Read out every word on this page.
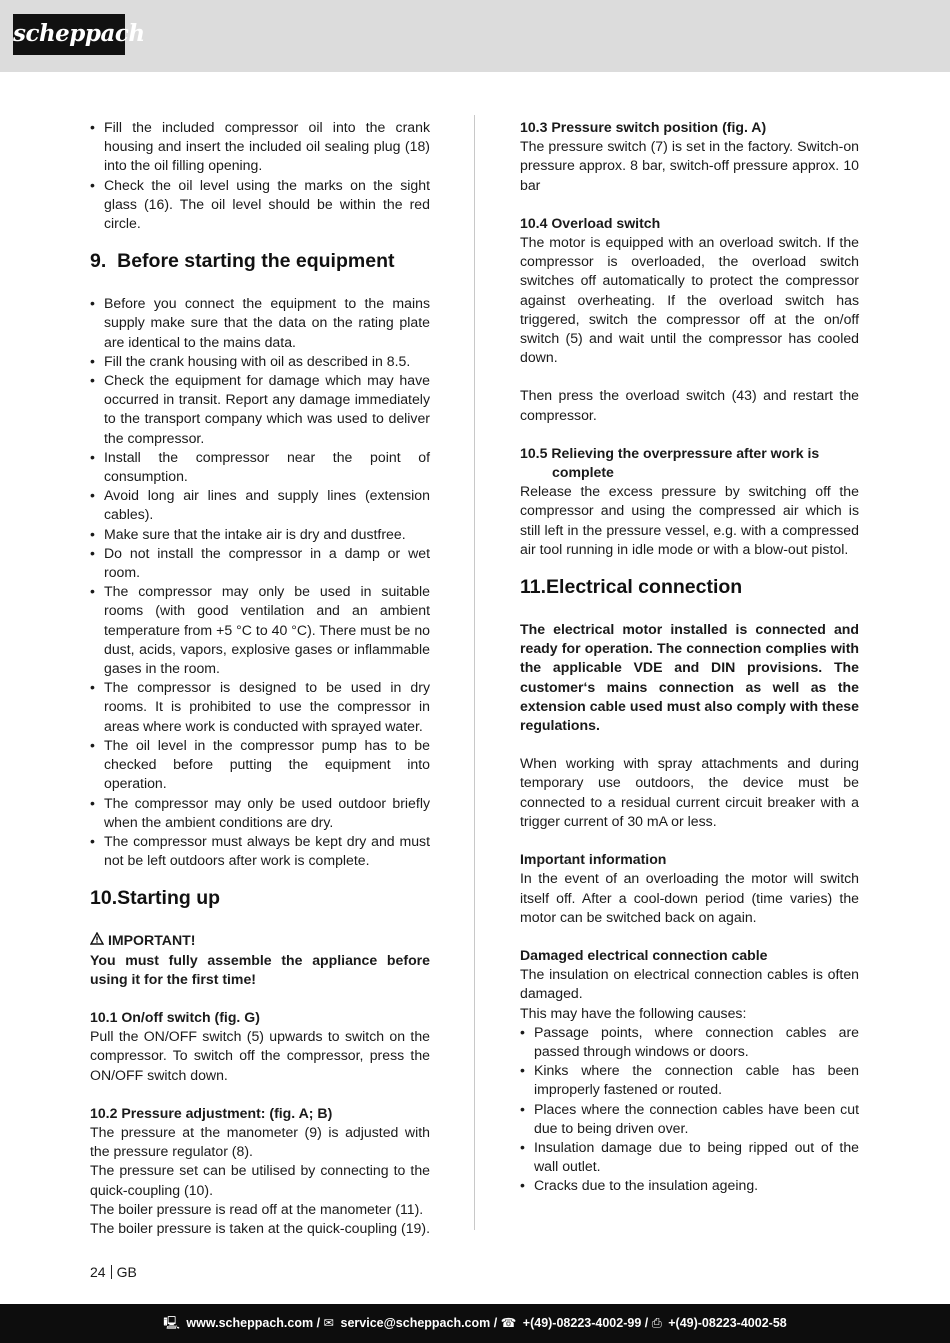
scheppach
• Fill the included compressor oil into the crank housing and insert the included oil sealing plug (18) into the oil filling opening.
• Check the oil level using the marks on the sight glass (16). The oil level should be within the red circle.
9. Before starting the equipment
• Before you connect the equipment to the mains supply make sure that the data on the rating plate are identical to the mains data.
• Fill the crank housing with oil as described in 8.5.
• Check the equipment for damage which may have occurred in transit. Report any damage immediately to the transport company which was used to deliver the compressor.
• Install the compressor near the point of consumption.
• Avoid long air lines and supply lines (extension cables).
• Make sure that the intake air is dry and dustfree.
• Do not install the compressor in a damp or wet room.
• The compressor may only be used in suitable rooms (with good ventilation and an ambient temperature from +5 °C to 40 °C). There must be no dust, acids, vapors, explosive gases or inflammable gases in the room.
• The compressor is designed to be used in dry rooms. It is prohibited to use the compressor in areas where work is conducted with sprayed water.
• The oil level in the compressor pump has to be checked before putting the equipment into operation.
• The compressor may only be used outdoor briefly when the ambient conditions are dry.
• The compressor must always be kept dry and must not be left outdoors after work is complete.
10.Starting up

IMPORTANT!

You must fully assemble the appliance before using it for the first time!

10.1 On/off switch (fig. G)

Pull the ON/OFF switch (5) upwards to switch on the compressor. To switch off the compressor, press the ON/OFF switch down.

10.2 Pressure adjustment: (fig. A; B)

The pressure at the manometer (9) is adjusted with the pressure regulator (8).

The pressure set can be utilised by connecting to the quick-coupling (10).

The boiler pressure is read off at the manometer (11).

The boiler pressure is taken at the quick-coupling (19).

10.3 Pressure switch position (fig. A)

The pressure switch (7) is set in the factory. Switch-on pressure approx. 8 bar, switch-off pressure approx. 10 bar

10.4 Overload switch

The motor is equipped with an overload switch. If the compressor is overloaded, the overload switch switches off automatically to protect the compressor against overheating. If the overload switch has triggered, switch the compressor off at the on/off switch (5) and wait until the compressor has cooled down.

Then press the overload switch (43) and restart the compressor.

10.5 Relieving the overpressure after work is
complete

Release the excess pressure by switching off the compressor and using the compressed air which is still left in the pressure vessel, e.g. with a compressed air tool running in idle mode or with a blow-out pistol.

11.Electrical connection

The electrical motor installed is connected and ready for operation. The connection complies with the applicable VDE and DIN provisions. The customer‘s mains connection as well as the extension cable used must also comply with these regulations.

When working with spray attachments and during temporary use outdoors, the device must be connected to a residual current circuit breaker with a trigger current of 30 mA or less.

Important information

In the event of an overloading the motor will switch itself off. After a cool-down period (time varies) the motor can be switched back on again.

Damaged electrical connection cable

The insulation on electrical connection cables is often damaged.

This may have the following causes:

• Passage points, where connection cables are passed through windows or doors.
• Kinks where the connection cable has been improperly fastened or routed.
• Places where the connection cables have been cut due to being driven over.
• Insulation damage due to being ripped out of the wall outlet.
• Cracks due to the insulation ageing.
24 GB
🖳︎ www.scheppach.com / ✉︎ service@scheppach.com / ☎︎ +(49)-08223-4002-99 / ⎙︎ +(49)-08223-4002-58
